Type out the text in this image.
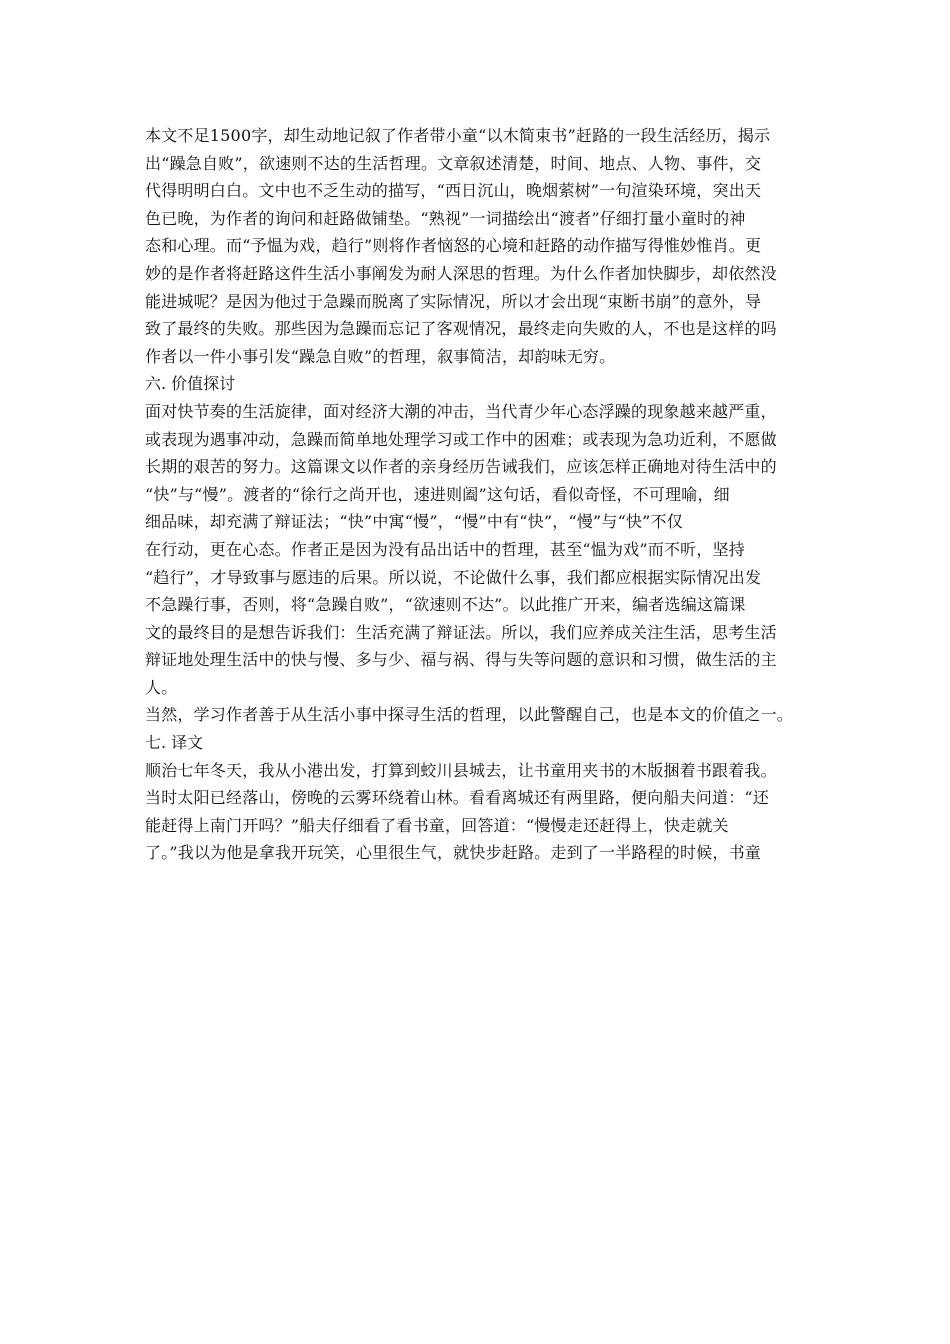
本文不足1500字，却生动地记叙了作者带小童“以木简束书”赶路的一段生活经历，揭示
出“躁急自败”，欲速则不达的生活哲理。文章叙述清楚，时间、地点、人物、事件，交
代得明明白白。文中也不乏生动的描写，“西日沉山，晚烟萦树”一句渲染环境，突出天
色已晚，为作者的询问和赶路做铺垫。“熟视”一词描绘出“渡者”仔细打量小童时的神
态和心理。而“予愠为戏，趋行”则将作者恼怒的心境和赶路的动作描写得惟妙惟肖。更
妙的是作者将赶路这件生活小事阐发为耐人深思的哲理。为什么作者加快脚步，却依然没
能进城呢？是因为他过于急躁而脱离了实际情况，所以才会出现“束断书崩”的意外，导
致了最终的失败。那些因为急躁而忘记了客观情况，最终走向失败的人，不也是这样的吗
作者以一件小事引发“躁急自败”的哲理，叙事简洁，却韵味无穷。
六. 价值探讨
面对快节奏的生活旋律，面对经济大潮的冲击，当代青少年心态浮躁的现象越来越严重，
或表现为遇事冲动，急躁而简单地处理学习或工作中的困难；或表现为急功近利，不愿做
长期的艰苦的努力。这篇课文以作者的亲身经历告诫我们，应该怎样正确地对待生活中的
“快”与“慢”。渡者的“徐行之尚开也，速进则阖”这句话，看似奇怪，不可理喻，细
细品味，却充满了辩证法；“快”中寓“慢”，“慢”中有“快”，“慢”与“快”不仅
在行动，更在心态。作者正是因为没有品出话中的哲理，甚至“愠为戏”而不听，坚持
“趋行”，才导致事与愿违的后果。所以说，不论做什么事，我们都应根据实际情况出发
不急躁行事，否则，将“急躁自败”，“欲速则不达”。以此推广开来，编者选编这篇课
文的最终目的是想告诉我们：生活充满了辩证法。所以，我们应养成关注生活，思考生活
辩证地处理生活中的快与慢、多与少、福与祸、得与失等问题的意识和习惯，做生活的主
人。
当然，学习作者善于从生活小事中探寻生活的哲理，以此警醒自己，也是本文的价值之一。
七. 译文
顺治七年冬天，我从小港出发，打算到蛟川县城去，让书童用夹书的木版捆着书跟着我。
当时太阳已经落山，傍晚的云雾环绕着山林。看看离城还有两里路，便向船夫问道：“还
能赶得上南门开吗？”船夫仔细看了看书童，回答道：“慢慢走还赶得上，快走就关
了。”我以为他是拿我开玩笑，心里很生气，就快步赶路。走到了一半路程的时候，书童
